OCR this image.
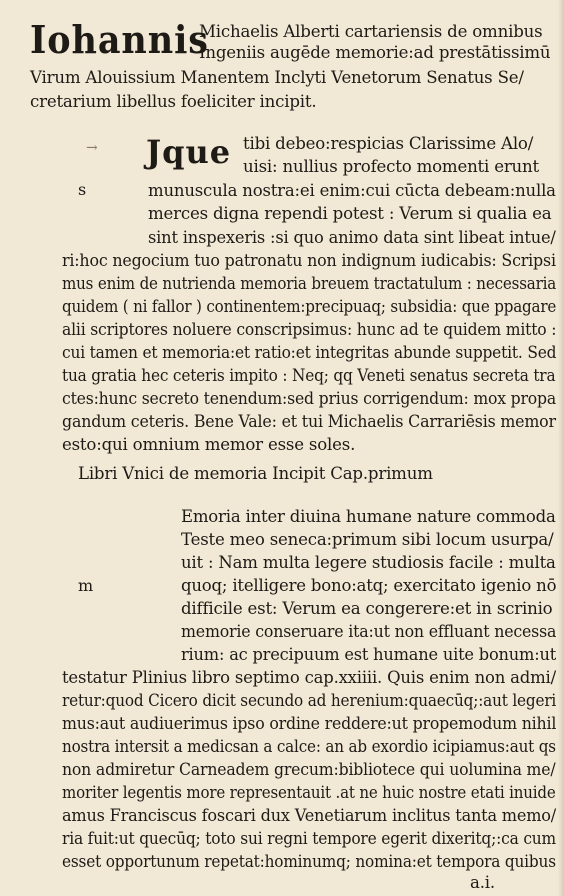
Iohannis
Michaelis Alberti cartariensis de omnibus
Ingeniis augēde memorie:ad prestātissimū
Virum Alouissium Manentem Inclyti Venetorum Senatus Se/
cretarium libellus foeliciter incipit.
→ Jque
s
tibi debeo:respicias Clarissime Alo/
uisi: nullius profecto momenti erunt
munuscula nostra:ei enim:cui cūcta debeam:nulla
merces digna rependi potest : Verum si qualia ea
sint inspexeris :si quo animo data sint libeat intue/
ri:hoc negocium tuo patronatu non indignum iudicabis: Scripsi
mus enim de nutrienda memoria breuem tractatulum : necessaria
quidem ( ni fallor ) continentem:precipuaq; subsidia: que ppagare
alii scriptores noluere conscripsimus: hunc ad te quidem mitto :
cui tamen et memoria:et ratio:et integritas abunde suppetit. Sed
tua gratia hec ceteris impito : Neq; qq Veneti senatus secreta tra
ctes:hunc secreto tenendum:sed prius corrigendum: mox propa
gandum ceteris. Bene Vale: et tui Michaelis Carrariēsis memor
esto:qui omnium memor esse soles.
Libri Vnici de memoria Incipit Cap.primum
m
Emoria inter diuina humane nature commoda
Teste meo seneca:primum sibi locum usurpa/
uit : Nam multa legere studiosis facile : multa
quoq; itelligere bono:atq; exercitato igenio nō
difficile est: Verum ea congerere:et in scrinio
memorie conseruare ita:ut non effluant necessa
rium: ac precipuum est humane uite bonum:ut
testatur Plinius libro septimo cap.xxiiii. Quis enim non admi/
retur:quod Cicero dicit secundo ad herenium:quaecūq;:aut legeri
mus:aut audiuerimus ipso ordine reddere:ut propemodum nihil
nostra intersit a medicsan a calce: an ab exordio icipiamus:aut qs
non admiretur Carneadem grecum:bibliotece qui uolumina me/
moriter legentis more representauit .at ne huic nostre etati inuide
amus Franciscus foscari dux Venetiarum inclitus tanta memo/
ria fuit:ut quecūq; toto sui regni tempore egerit dixeritq;:ca cum
esset opportunum repetat:hominumq; nomina:et tempora quibus
a.i.
